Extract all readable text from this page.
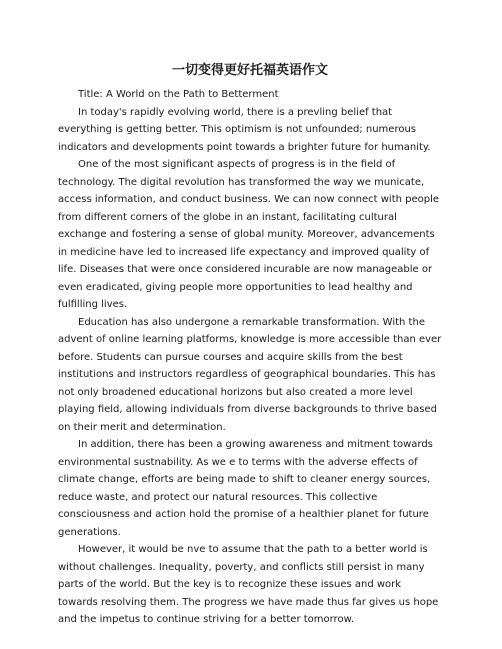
一切变得更好托福英语作文

Title: A World on the Path to Betterment

In today's rapidly evolving world, there is a prevling belief that everything is getting better. This optimism is not unfounded; numerous indicators and developments point towards a brighter future for humanity.

One of the most significant aspects of progress is in the field of technology. The digital revolution has transformed the way we municate, access information, and conduct business. We can now connect with people from different corners of the globe in an instant, facilitating cultural exchange and fostering a sense of global munity. Moreover, advancements in medicine have led to increased life expectancy and improved quality of life. Diseases that were once considered incurable are now manageable or even eradicated, giving people more opportunities to lead healthy and fulfilling lives.

Education has also undergone a remarkable transformation. With the advent of online learning platforms, knowledge is more accessible than ever before. Students can pursue courses and acquire skills from the best institutions and instructors regardless of geographical boundaries. This has not only broadened educational horizons but also created a more level playing field, allowing individuals from diverse backgrounds to thrive based on their merit and determination.

In addition, there has been a growing awareness and mitment towards environmental sustnability. As we e to terms with the adverse effects of climate change, efforts are being made to shift to cleaner energy sources, reduce waste, and protect our natural resources. This collective consciousness and action hold the promise of a healthier planet for future generations.

However, it would be nve to assume that the path to a better world is without challenges. Inequality, poverty, and conflicts still persist in many parts of the world. But the key is to recognize these issues and work towards resolving them. The progress we have made thus far gives us hope and the impetus to continue striving for a better tomorrow.
